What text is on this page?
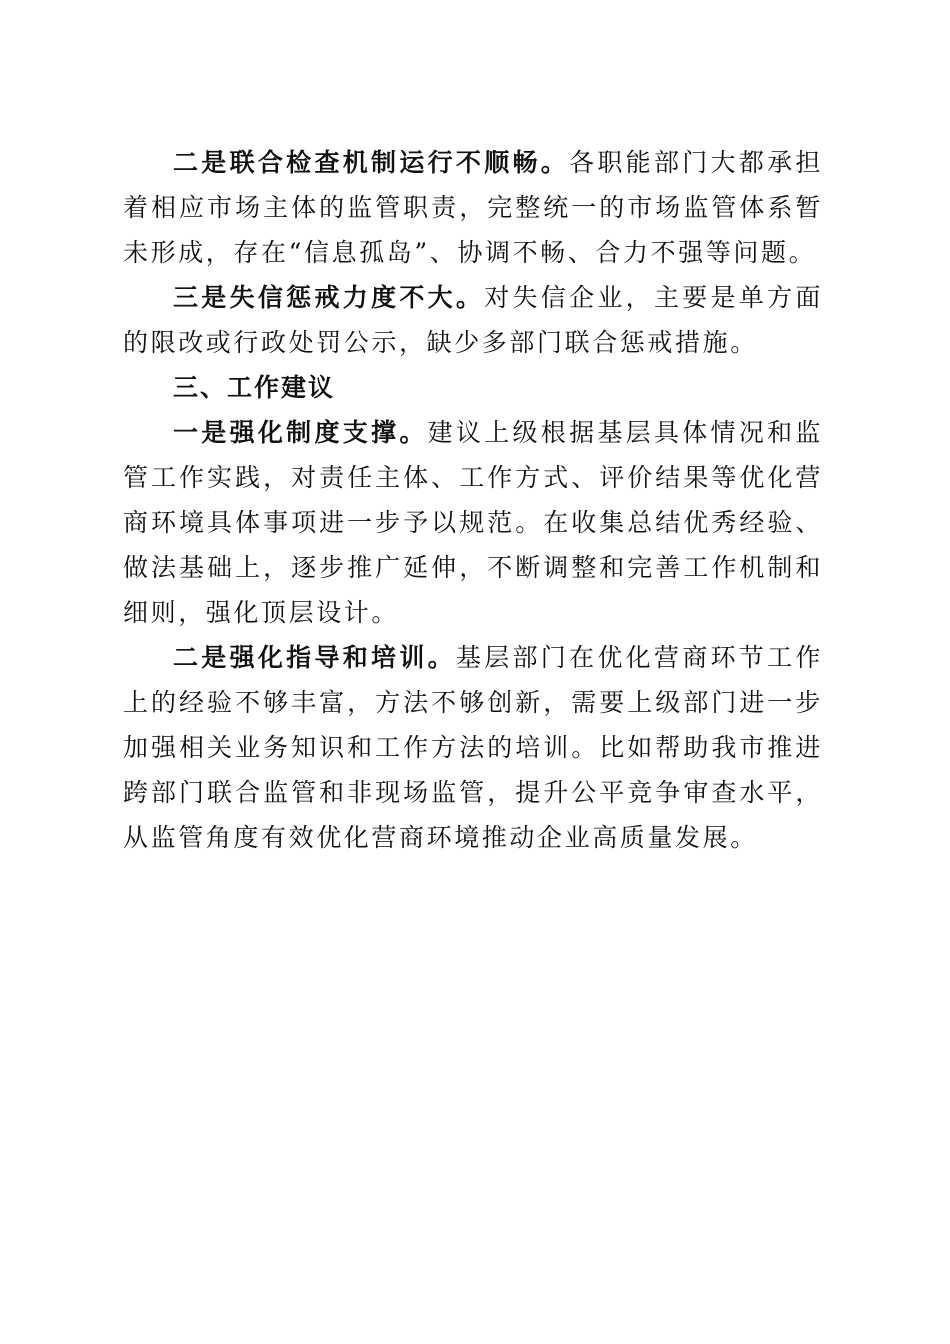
二是联合检查机制运行不顺畅。各职能部门大都承担着相应市场主体的监管职责，完整统一的市场监管体系暂未形成，存在“信息孤岛”、协调不畅、合力不强等问题。

三是失信惩戒力度不大。对失信企业，主要是单方面的限改或行政处罚公示，缺少多部门联合惩戒措施。

三、工作建议

一是强化制度支撑。建议上级根据基层具体情况和监管工作实践，对责任主体、工作方式、评价结果等优化营商环境具体事项进一步予以规范。在收集总结优秀经验、做法基础上，逐步推广延伸，不断调整和完善工作机制和细则，强化顶层设计。

二是强化指导和培训。基层部门在优化营商环节工作上的经验不够丰富，方法不够创新，需要上级部门进一步加强相关业务知识和工作方法的培训。比如帮助我市推进跨部门联合监管和非现场监管，提升公平竞争审查水平，从监管角度有效优化营商环境推动企业高质量发展。
